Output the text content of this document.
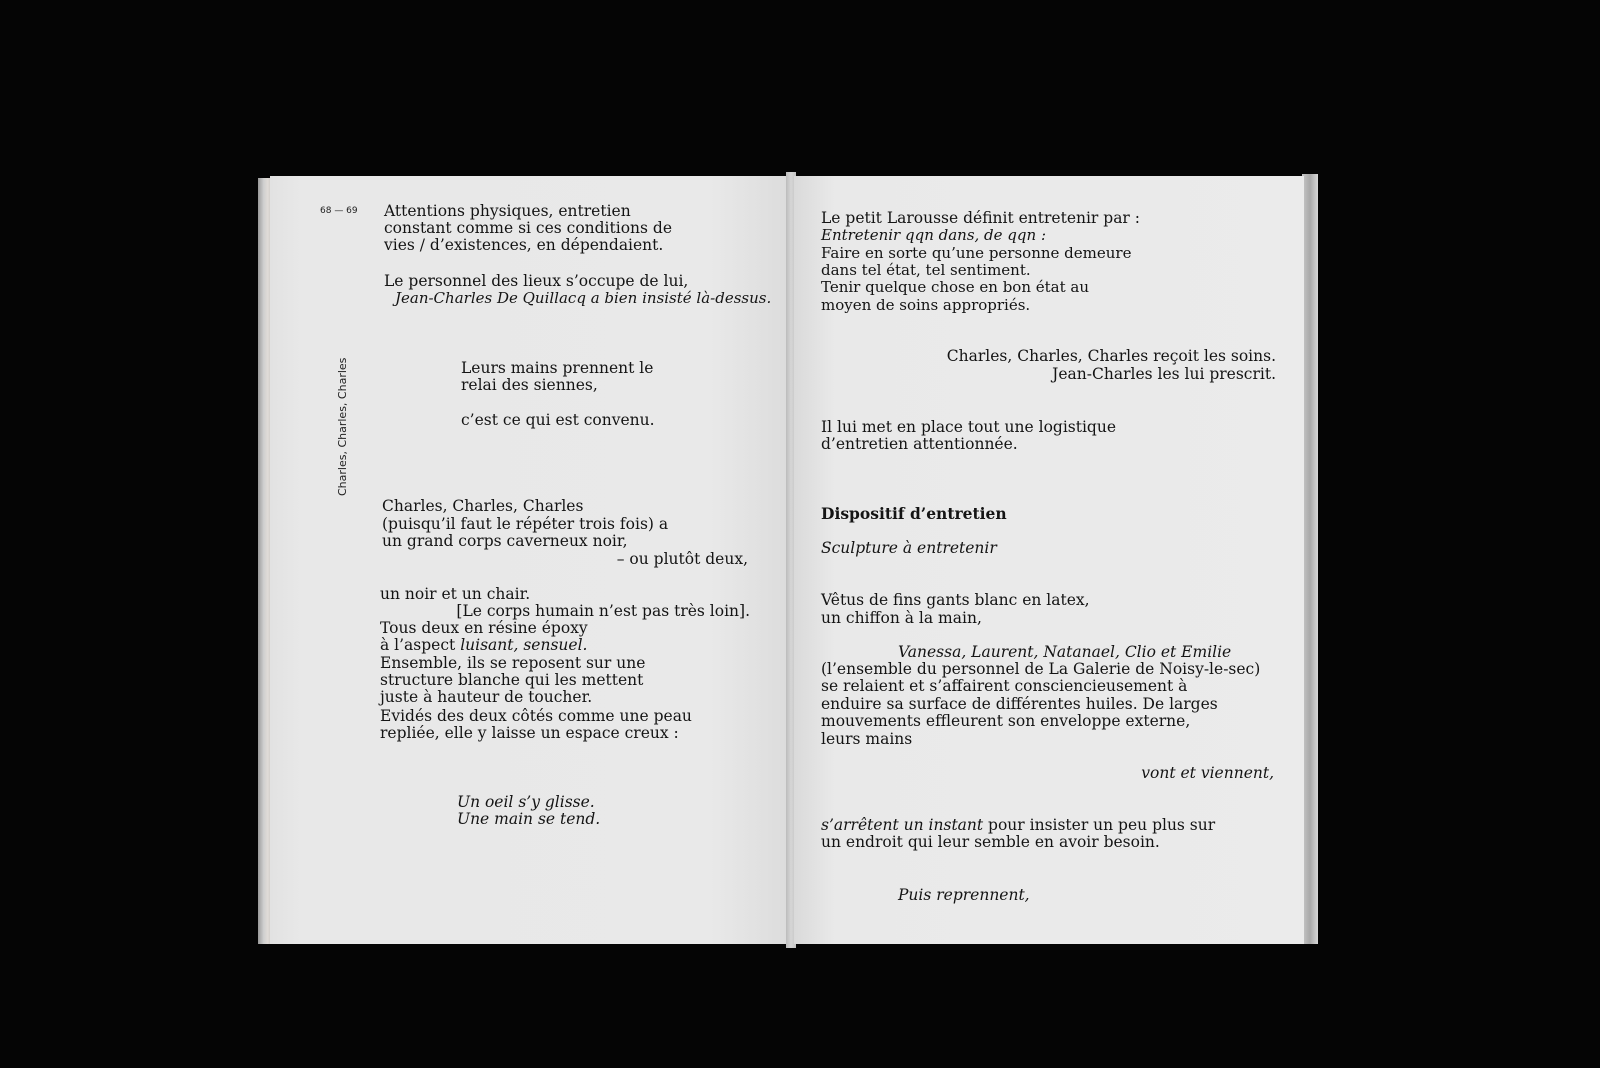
68 — 69
Charles, Charles, Charles

Attentions physiques, entretien

constant comme si ces conditions de

vies / d’existences, en dépendaient.

Le personnel des lieux s’occupe de lui,

Jean-Charles De Quillacq a bien insisté là-dessus.

Leurs mains prennent le

relai des siennes,

c’est ce qui est convenu.

Charles, Charles, Charles

(puisqu’il faut le répéter trois fois) a

un grand corps caverneux noir,

– ou plutôt deux,

un noir et un chair.

[Le corps humain n’est pas très loin].

Tous deux en résine époxy

à l’aspect luisant, sensuel.

Ensemble, ils se reposent sur une

structure blanche qui les mettent

juste à hauteur de toucher.

Evidés des deux côtés comme une peau

repliée, elle y laisse un espace creux :

Un oeil s’y glisse.

Une main se tend.

Le petit Larousse définit entretenir par :

Entretenir qqn dans, de qqn :

Faire en sorte qu’une personne demeure

dans tel état, tel sentiment.

Tenir quelque chose en bon état au

moyen de soins appropriés.

Charles, Charles, Charles reçoit les soins.

Jean-Charles les lui prescrit.

Il lui met en place tout une logistique

d’entretien attentionnée.

Dispositif d’entretien

Sculpture à entretenir

Vêtus de fins gants blanc en latex,

un chiffon à la main,

Vanessa, Laurent, Natanael, Clio et Emilie

(l’ensemble du personnel de La Galerie de Noisy-le-sec)

se relaient et s’affairent consciencieusement à

enduire sa surface de différentes huiles. De larges

mouvements effleurent son enveloppe externe,

leurs mains

vont et viennent,

s’arrêtent un instant pour insister un peu plus sur

un endroit qui leur semble en avoir besoin.

Puis reprennent,
